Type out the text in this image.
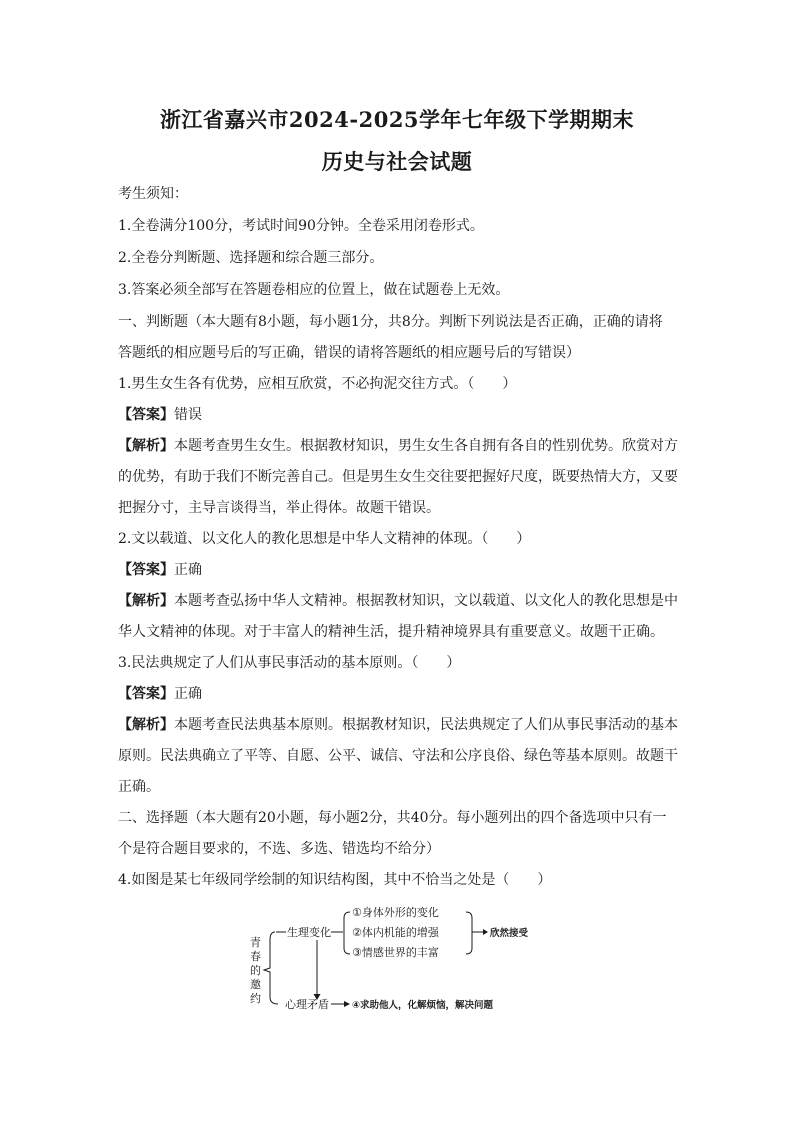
浙江省嘉兴市2024-2025学年七年级下学期期末
历史与社会试题
考生须知：
1.全卷满分100分，考试时间90分钟。全卷采用闭卷形式。
2.全卷分判断题、选择题和综合题三部分。
3.答案必须全部写在答题卷相应的位置上，做在试题卷上无效。
一、判断题（本大题有8小题，每小题1分，共8分。判断下列说法是否正确，正确的请将
答题纸的相应题号后的写正确，错误的请将答题纸的相应题号后的写错误）
1.男生女生各有优势，应相互欣赏，不必拘泥交往方式。（　　）
【答案】错误
【解析】本题考查男生女生。根据教材知识，男生女生各自拥有各自的性别优势。欣赏对方
的优势，有助于我们不断完善自己。但是男生女生交往要把握好尺度，既要热情大方，又要
把握分寸，主导言谈得当，举止得体。故题干错误。
2.文以载道、以文化人的教化思想是中华人文精神的体现。（　　）
【答案】正确
【解析】本题考查弘扬中华人文精神。根据教材知识，文以载道、以文化人的教化思想是中
华人文精神的体现。对于丰富人的精神生活，提升精神境界具有重要意义。故题干正确。
3.民法典规定了人们从事民事活动的基本原则。（　　）
【答案】正确
【解析】本题考查民法典基本原则。根据教材知识，民法典规定了人们从事民事活动的基本
原则。民法典确立了平等、自愿、公平、诚信、守法和公序良俗、绿色等基本原则。故题干
正确。
二、选择题（本大题有20小题，每小题2分，共40分。每小题列出的四个备选项中只有一
个是符合题目要求的，不选、多选、错选均不给分）
4.如图是某七年级同学绘制的知识结构图，其中不恰当之处是（　　）
青
春
的
邀
约
生理变化
心理矛盾
①身体外形的变化
②体内机能的增强
③情感世界的丰富
欣然接受
④求助他人，化解烦恼，解决问题
